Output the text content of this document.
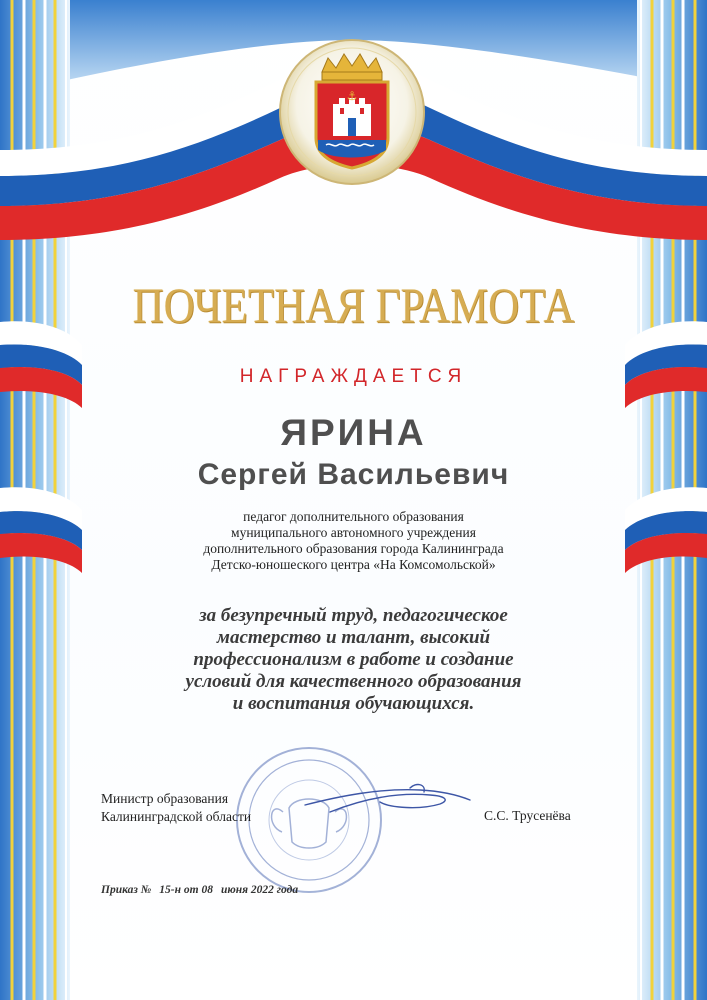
⚓
ПОЧЕТНАЯ ГРАМОТА
НАГРАЖДАЕТСЯ
ЯРИНА
Сергей Васильевич
педагог дополнительного образования
муниципального автономного учреждения
дополнительного образования города Калининграда
Детско-юношеского центра «На Комсомольской»
за безупречный труд, педагогическое
мастерство и талант, высокий
профессионализм в работе и создание
условий для качественного образования
и воспитания обучающихся.
Министр образования
Калининградской области	С.С. Трусенёва
Приказ № 15-н от 08 июня 2022 года
